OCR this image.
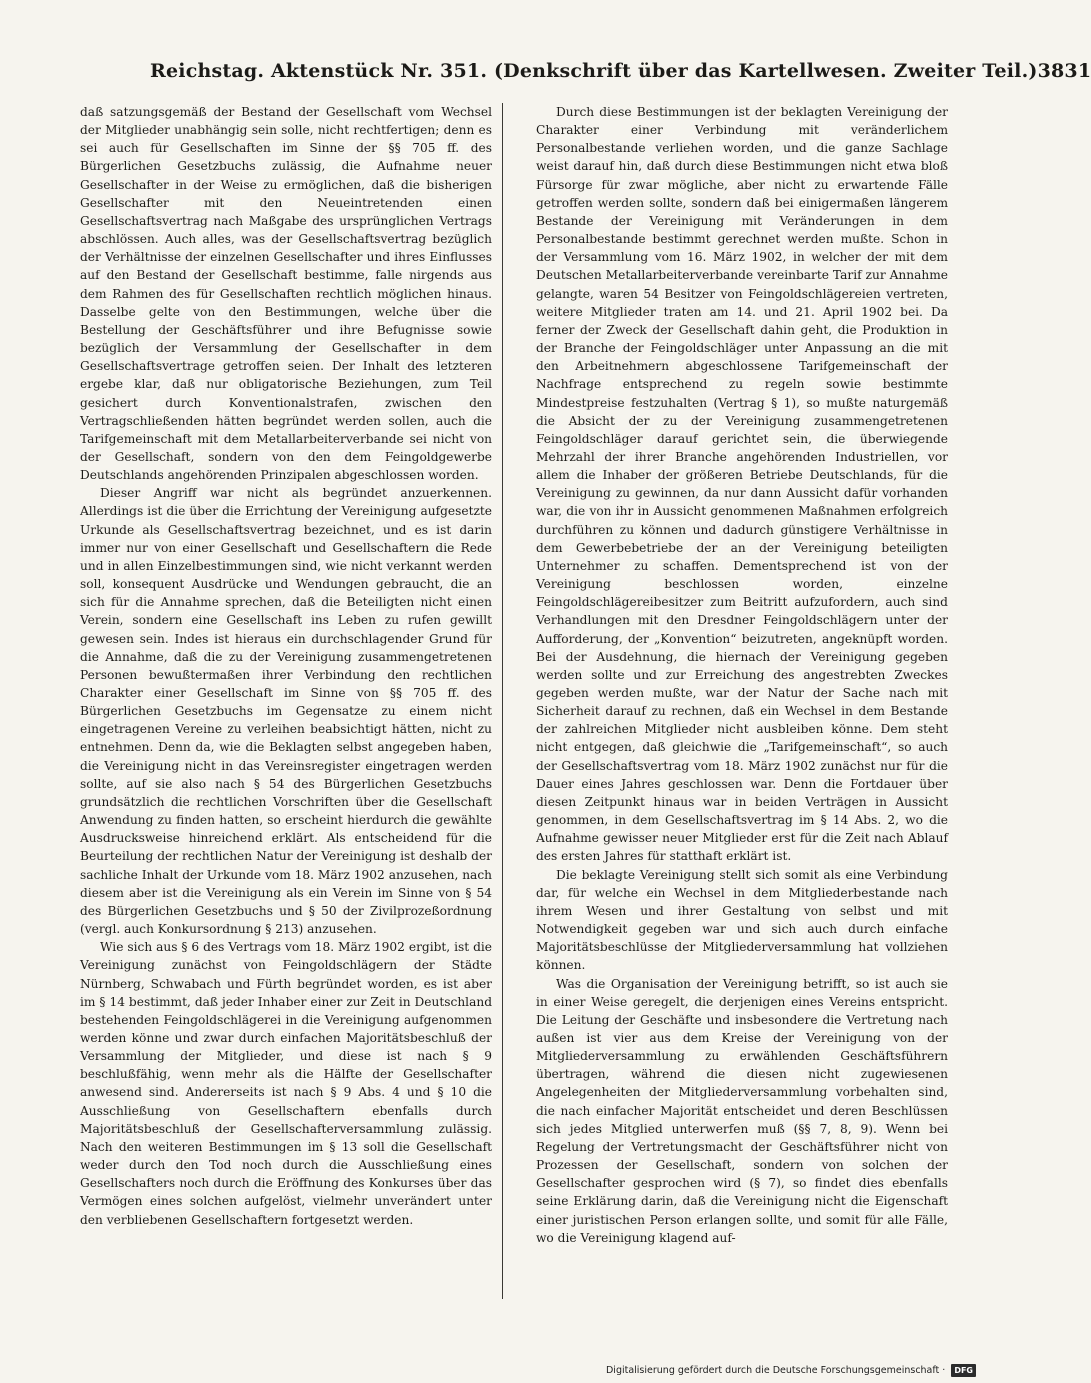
Reichstag. Aktenstück Nr. 351. (Denkschrift über das Kartellwesen. Zweiter Teil.) 3831

daß satzungsgemäß der Bestand der Gesellschaft vom Wechsel der Mitglieder unabhängig sein solle, nicht rechtfertigen; denn es sei auch für Gesellschaften im Sinne der §§ 705 ff. des Bürgerlichen Gesetzbuchs zulässig, die Aufnahme neuer Gesellschafter in der Weise zu ermöglichen, daß die bisherigen Gesellschafter mit den Neueintretenden einen Gesellschaftsvertrag nach Maßgabe des ursprünglichen Vertrags abschlössen. Auch alles, was der Gesellschaftsvertrag bezüglich der Verhältnisse der einzelnen Gesellschafter und ihres Einflusses auf den Bestand der Gesellschaft bestimme, falle nirgends aus dem Rahmen des für Gesellschaften rechtlich möglichen hinaus. Dasselbe gelte von den Bestimmungen, welche über die Bestellung der Geschäftsführer und ihre Befugnisse sowie bezüglich der Versammlung der Gesellschafter in dem Gesellschaftsvertrage getroffen seien. Der Inhalt des letzteren ergebe klar, daß nur obligatorische Beziehungen, zum Teil gesichert durch Konventionalstrafen, zwischen den Vertragschließenden hätten begründet werden sollen, auch die Tarifgemeinschaft mit dem Metallarbeiterverbande sei nicht von der Gesellschaft, sondern von den dem Feingoldgewerbe Deutschlands angehörenden Prinzipalen abgeschlossen worden.

Dieser Angriff war nicht als begründet anzuerkennen. Allerdings ist die über die Errichtung der Vereinigung aufgesetzte Urkunde als Gesellschaftsvertrag bezeichnet, und es ist darin immer nur von einer Gesellschaft und Gesellschaftern die Rede und in allen Einzelbestimmungen sind, wie nicht verkannt werden soll, konsequent Ausdrücke und Wendungen gebraucht, die an sich für die Annahme sprechen, daß die Beteiligten nicht einen Verein, sondern eine Gesellschaft ins Leben zu rufen gewillt gewesen sein. Indes ist hieraus ein durchschlagender Grund für die Annahme, daß die zu der Vereinigung zusammengetretenen Personen bewußtermaßen ihrer Verbindung den rechtlichen Charakter einer Gesellschaft im Sinne von §§ 705 ff. des Bürgerlichen Gesetzbuchs im Gegensatze zu einem nicht eingetragenen Vereine zu verleihen beabsichtigt hätten, nicht zu entnehmen. Denn da, wie die Beklagten selbst angegeben haben, die Vereinigung nicht in das Vereinsregister eingetragen werden sollte, auf sie also nach § 54 des Bürgerlichen Gesetzbuchs grundsätzlich die rechtlichen Vorschriften über die Gesellschaft Anwendung zu finden hatten, so erscheint hierdurch die gewählte Ausdrucksweise hinreichend erklärt. Als entscheidend für die Beurteilung der rechtlichen Natur der Vereinigung ist deshalb der sachliche Inhalt der Urkunde vom 18. März 1902 anzusehen, nach diesem aber ist die Vereinigung als ein Verein im Sinne von § 54 des Bürgerlichen Gesetzbuchs und § 50 der Zivilprozeßordnung (vergl. auch Konkursordnung § 213) anzusehen.

Wie sich aus § 6 des Vertrags vom 18. März 1902 ergibt, ist die Vereinigung zunächst von Feingoldschlägern der Städte Nürnberg, Schwabach und Fürth begründet worden, es ist aber im § 14 bestimmt, daß jeder Inhaber einer zur Zeit in Deutschland bestehenden Feingoldschlägerei in die Vereinigung aufgenommen werden könne und zwar durch einfachen Majoritätsbeschluß der Versammlung der Mitglieder, und diese ist nach § 9 beschlußfähig, wenn mehr als die Hälfte der Gesellschafter anwesend sind. Andererseits ist nach § 9 Abs. 4 und § 10 die Ausschließung von Gesellschaftern ebenfalls durch Majoritätsbeschluß der Gesellschafterversammlung zulässig. Nach den weiteren Bestimmungen im § 13 soll die Gesellschaft weder durch den Tod noch durch die Ausschließung eines Gesellschafters noch durch die Eröffnung des Konkurses über das Vermögen eines solchen aufgelöst, vielmehr unverändert unter den verbliebenen Gesellschaftern fortgesetzt werden.

Durch diese Bestimmungen ist der beklagten Vereinigung der Charakter einer Verbindung mit veränderlichem Personalbestande verliehen worden, und die ganze Sachlage weist darauf hin, daß durch diese Bestimmungen nicht etwa bloß Fürsorge für zwar mögliche, aber nicht zu erwartende Fälle getroffen werden sollte, sondern daß bei einigermaßen längerem Bestande der Vereinigung mit Veränderungen in dem Personalbestande bestimmt gerechnet werden mußte. Schon in der Versammlung vom 16. März 1902, in welcher der mit dem Deutschen Metallarbeiterverbande vereinbarte Tarif zur Annahme gelangte, waren 54 Besitzer von Feingoldschlägereien vertreten, weitere Mitglieder traten am 14. und 21. April 1902 bei. Da ferner der Zweck der Gesellschaft dahin geht, die Produktion in der Branche der Feingoldschläger unter Anpassung an die mit den Arbeitnehmern abgeschlossene Tarifgemeinschaft der Nachfrage entsprechend zu regeln sowie bestimmte Mindestpreise festzuhalten (Vertrag § 1), so mußte naturgemäß die Absicht der zu der Vereinigung zusammengetretenen Feingoldschläger darauf gerichtet sein, die überwiegende Mehrzahl der ihrer Branche angehörenden Industriellen, vor allem die Inhaber der größeren Betriebe Deutschlands, für die Vereinigung zu gewinnen, da nur dann Aussicht dafür vorhanden war, die von ihr in Aussicht genommenen Maßnahmen erfolgreich durchführen zu können und dadurch günstigere Verhältnisse in dem Gewerbebetriebe der an der Vereinigung beteiligten Unternehmer zu schaffen. Dementsprechend ist von der Vereinigung beschlossen worden, einzelne Feingoldschlägereibesitzer zum Beitritt aufzufordern, auch sind Verhandlungen mit den Dresdner Feingoldschlägern unter der Aufforderung, der „Konvention“ beizutreten, angeknüpft worden. Bei der Ausdehnung, die hiernach der Vereinigung gegeben werden sollte und zur Erreichung des angestrebten Zweckes gegeben werden mußte, war der Natur der Sache nach mit Sicherheit darauf zu rechnen, daß ein Wechsel in dem Bestande der zahlreichen Mitglieder nicht ausbleiben könne. Dem steht nicht entgegen, daß gleichwie die „Tarifgemeinschaft“, so auch der Gesellschaftsvertrag vom 18. März 1902 zunächst nur für die Dauer eines Jahres geschlossen war. Denn die Fortdauer über diesen Zeitpunkt hinaus war in beiden Verträgen in Aussicht genommen, in dem Gesellschaftsvertrag im § 14 Abs. 2, wo die Aufnahme gewisser neuer Mitglieder erst für die Zeit nach Ablauf des ersten Jahres für statthaft erklärt ist.

Die beklagte Vereinigung stellt sich somit als eine Verbindung dar, für welche ein Wechsel in dem Mitgliederbestande nach ihrem Wesen und ihrer Gestaltung von selbst und mit Notwendigkeit gegeben war und sich auch durch einfache Majoritätsbeschlüsse der Mitgliederversammlung hat vollziehen können.

Was die Organisation der Vereinigung betrifft, so ist auch sie in einer Weise geregelt, die derjenigen eines Vereins entspricht. Die Leitung der Geschäfte und insbesondere die Vertretung nach außen ist vier aus dem Kreise der Vereinigung von der Mitgliederversammlung zu erwählenden Geschäftsführern übertragen, während die diesen nicht zugewiesenen Angelegenheiten der Mitgliederversammlung vorbehalten sind, die nach einfacher Majorität entscheidet und deren Beschlüssen sich jedes Mitglied unterwerfen muß (§§ 7, 8, 9). Wenn bei Regelung der Vertretungsmacht der Geschäftsführer nicht von Prozessen der Gesellschaft, sondern von solchen der Gesellschafter gesprochen wird (§ 7), so findet dies ebenfalls seine Erklärung darin, daß die Vereinigung nicht die Eigenschaft einer juristischen Person erlangen sollte, und somit für alle Fälle, wo die Vereinigung klagend auf-

Digitalisierung gefördert durch die Deutsche Forschungsgemeinschaft ·	DFG
